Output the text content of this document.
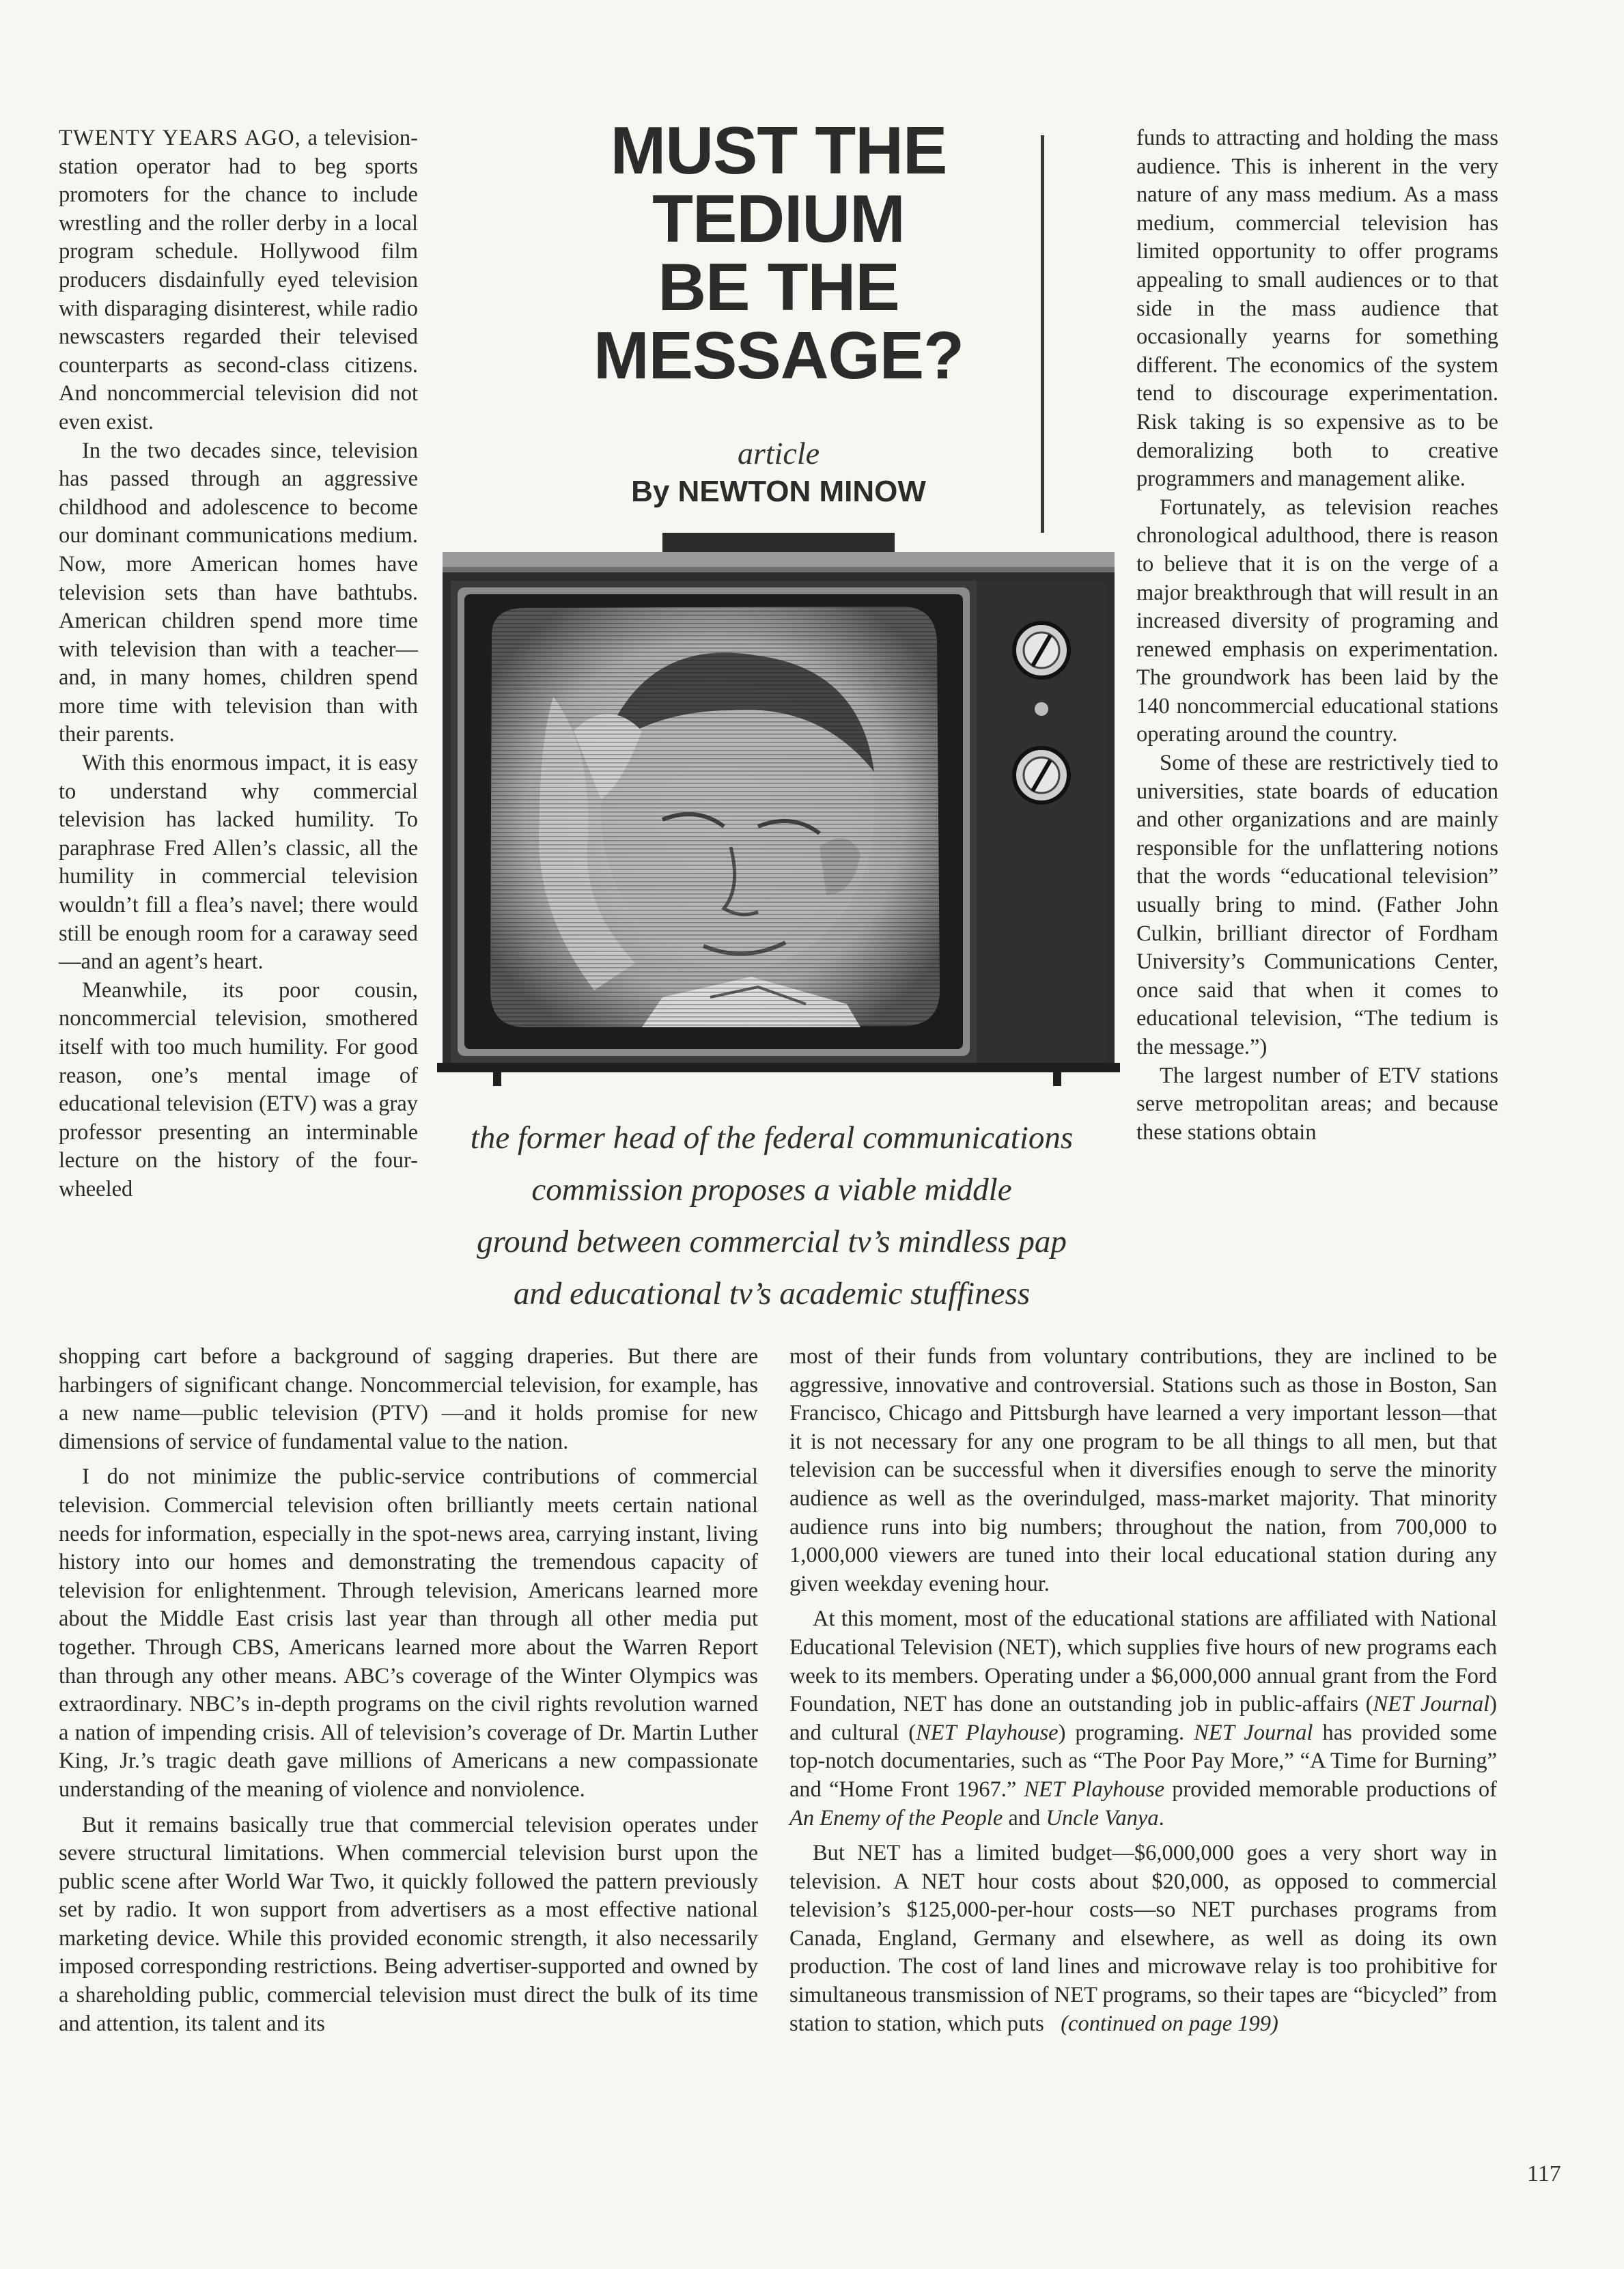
MUST THE
TEDIUM
BE THE
MESSAGE?
article
By NEWTON MINOW
the former head of the federal communications
commission proposes a viable middle
ground between commercial tv’s mindless pap
and educational tv’s academic stuffiness

TWENTY YEARS AGO, a television-station operator had to beg sports promoters for the chance to include wrestling and the roller derby in a local program schedule. Hollywood film producers disdainfully eyed television with disparaging disinterest, while radio newscasters regarded their televised counterparts as second-class citizens. And noncommercial television did not even exist.

In the two decades since, television has passed through an aggressive childhood and adolescence to become our dominant communications medium. Now, more American homes have television sets than have bathtubs. American children spend more time with television than with a teacher—and, in many homes, children spend more time with television than with their parents.

With this enormous impact, it is easy to understand why commercial television has lacked humility. To paraphrase Fred Allen’s classic, all the humility in commercial television wouldn’t fill a flea’s navel; there would still be enough room for a caraway seed—and an agent’s heart.

Meanwhile, its poor cousin, noncommercial television, smothered itself with too much humility. For good reason, one’s mental image of educational television (ETV) was a gray professor presenting an interminable lecture on the history of the four-wheeled

funds to attracting and holding the mass audience. This is inherent in the very nature of any mass medium. As a mass medium, commercial television has limited opportunity to offer programs appealing to small audiences or to that side in the mass audience that occasionally yearns for something different. The economics of the system tend to discourage experimentation. Risk taking is so expensive as to be demoralizing both to creative programmers and management alike.

Fortunately, as television reaches chronological adulthood, there is reason to believe that it is on the verge of a major breakthrough that will result in an increased diversity of programing and renewed emphasis on experimentation. The groundwork has been laid by the 140 noncommercial educational stations operating around the country.

Some of these are restrictively tied to universities, state boards of education and other organizations and are mainly responsible for the unflattering notions that the words “educational television” usually bring to mind. (Father John Culkin, brilliant director of Fordham University’s Communications Center, once said that when it comes to educational television, “The tedium is the message.”)

The largest number of ETV stations serve metropolitan areas; and because these stations obtain

shopping cart before a background of sagging draperies. But there are harbingers of significant change. Noncommercial television, for example, has a new name—public television (PTV) —and it holds promise for new dimensions of service of fundamental value to the nation.

I do not minimize the public-service contributions of commercial television. Commercial television often brilliantly meets certain national needs for information, especially in the spot-news area, carrying instant, living history into our homes and demonstrating the tremendous capacity of television for enlightenment. Through television, Americans learned more about the Middle East crisis last year than through all other media put together. Through CBS, Americans learned more about the Warren Report than through any other means. ABC’s coverage of the Winter Olympics was extraordinary. NBC’s in-depth programs on the civil rights revolution warned a nation of impending crisis. All of television’s coverage of Dr. Martin Luther King, Jr.’s tragic death gave millions of Americans a new compassionate understanding of the meaning of violence and nonviolence.

But it remains basically true that commercial television operates under severe structural limitations. When commercial television burst upon the public scene after World War Two, it quickly followed the pattern previously set by radio. It won support from advertisers as a most effective national marketing device. While this provided economic strength, it also necessarily imposed corresponding restrictions. Being advertiser-supported and owned by a shareholding public, commercial television must direct the bulk of its time and attention, its talent and its

most of their funds from voluntary contributions, they are inclined to be aggressive, innovative and controversial. Stations such as those in Boston, San Francisco, Chicago and Pittsburgh have learned a very important lesson—that it is not necessary for any one program to be all things to all men, but that television can be successful when it diversifies enough to serve the minority audience as well as the overindulged, mass-market majority. That minority audience runs into big numbers; throughout the nation, from 700,000 to 1,000,000 viewers are tuned into their local educational station during any given weekday evening hour.

At this moment, most of the educational stations are affiliated with National Educational Television (NET), which supplies five hours of new programs each week to its members. Operating under a $6,000,000 annual grant from the Ford Foundation, NET has done an outstanding job in public-affairs (NET Journal) and cultural (NET Playhouse) programing. NET Journal has provided some top-notch documentaries, such as “The Poor Pay More,” “A Time for Burning” and “Home Front 1967.” NET Playhouse provided memorable productions of An Enemy of the People and Uncle Vanya.

But NET has a limited budget—$6,000,000 goes a very short way in television. A NET hour costs about $20,000, as opposed to commercial television’s $125,000-per-hour costs—so NET purchases programs from Canada, England, Germany and elsewhere, as well as doing its own production. The cost of land lines and microwave relay is too prohibitive for simultaneous transmission of NET programs, so their tapes are “bicycled” from station to station, which puts (continued on page 199)

117
